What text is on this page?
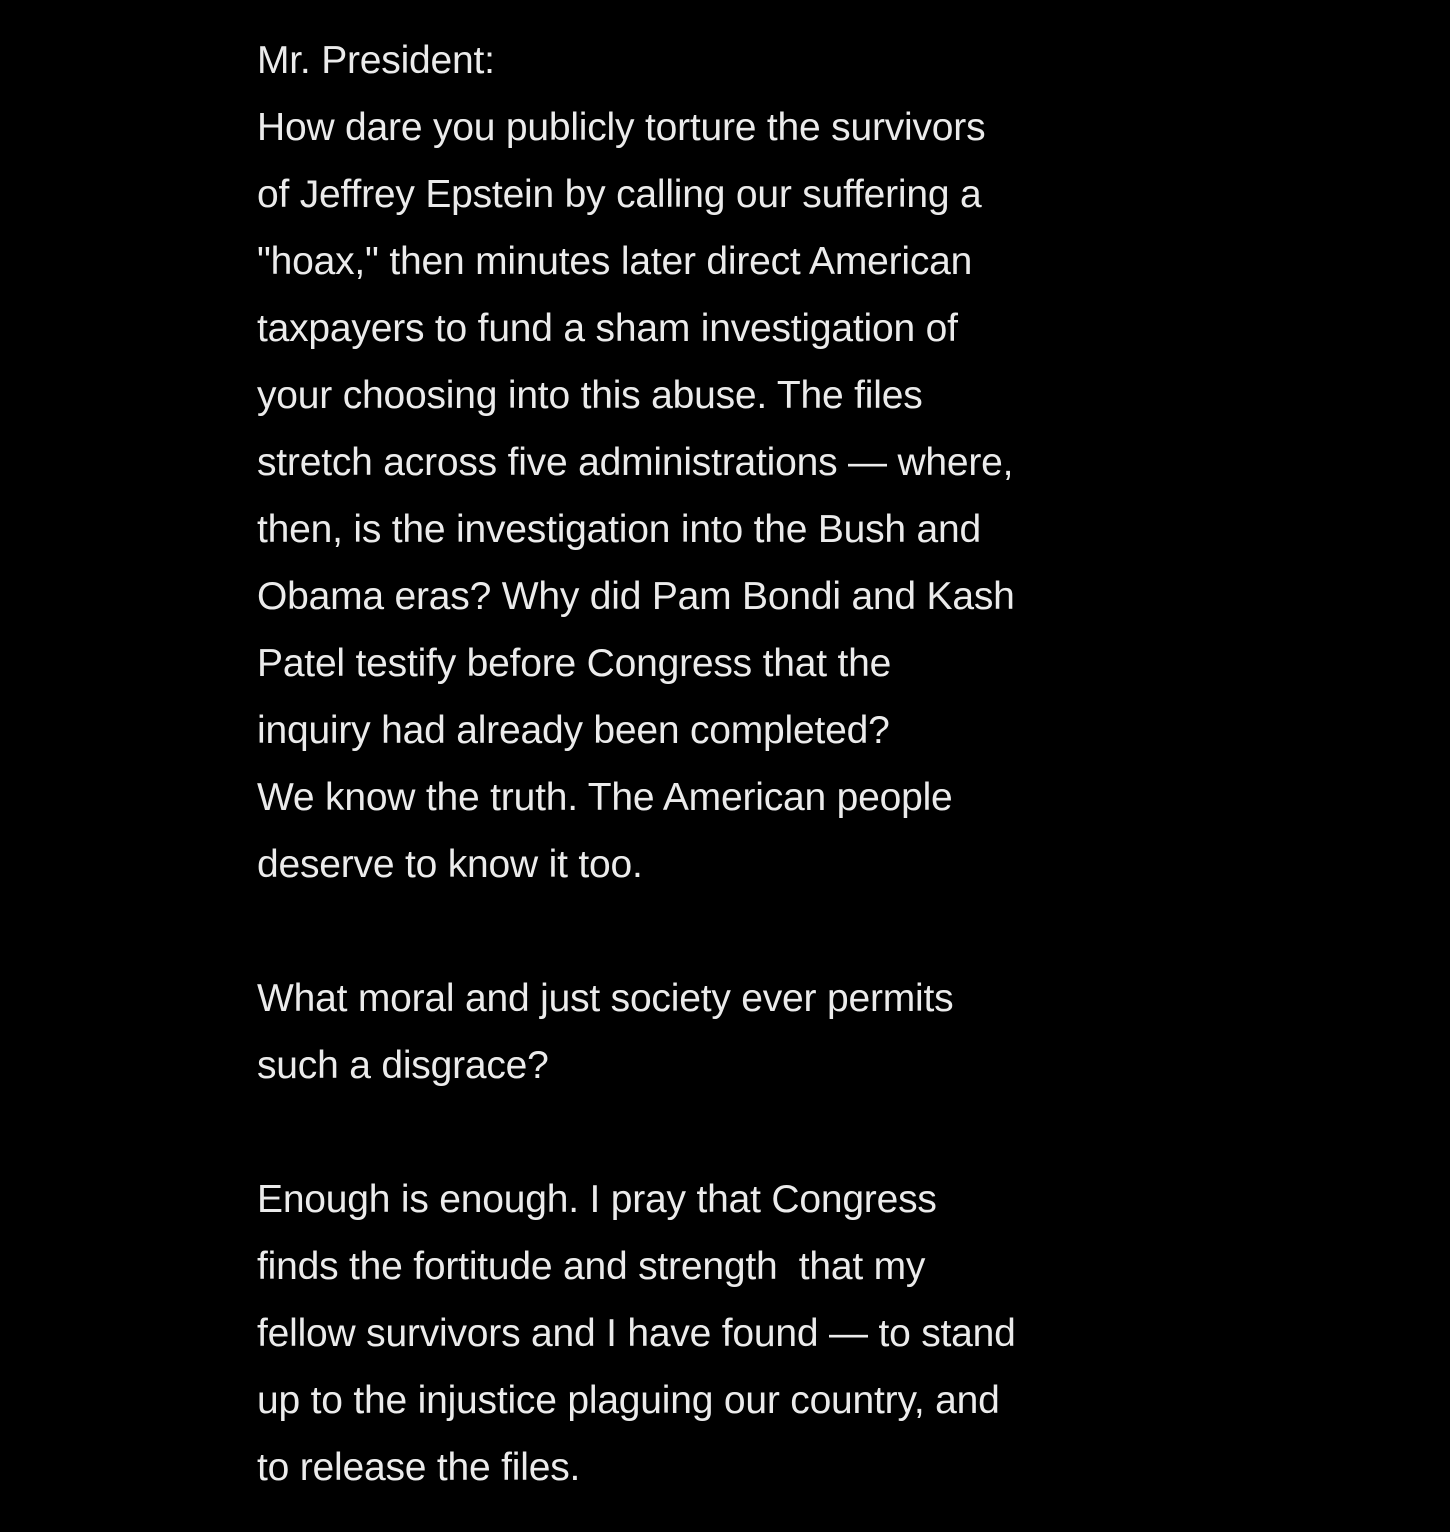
Mr. President:
How dare you publicly torture the survivors
of Jeffrey Epstein by calling our suffering a
"hoax," then minutes later direct American
taxpayers to fund a sham investigation of
your choosing into this abuse. The files
stretch across five administrations — where,
then, is the investigation into the Bush and
Obama eras? Why did Pam Bondi and Kash
Patel testify before Congress that the
inquiry had already been completed?
We know the truth. The American people
deserve to know it too.
What moral and just society ever permits
such a disgrace?
Enough is enough. I pray that Congress
finds the fortitude and strength  that my
fellow survivors and I have found — to stand
up to the injustice plaguing our country, and
to release the files.
